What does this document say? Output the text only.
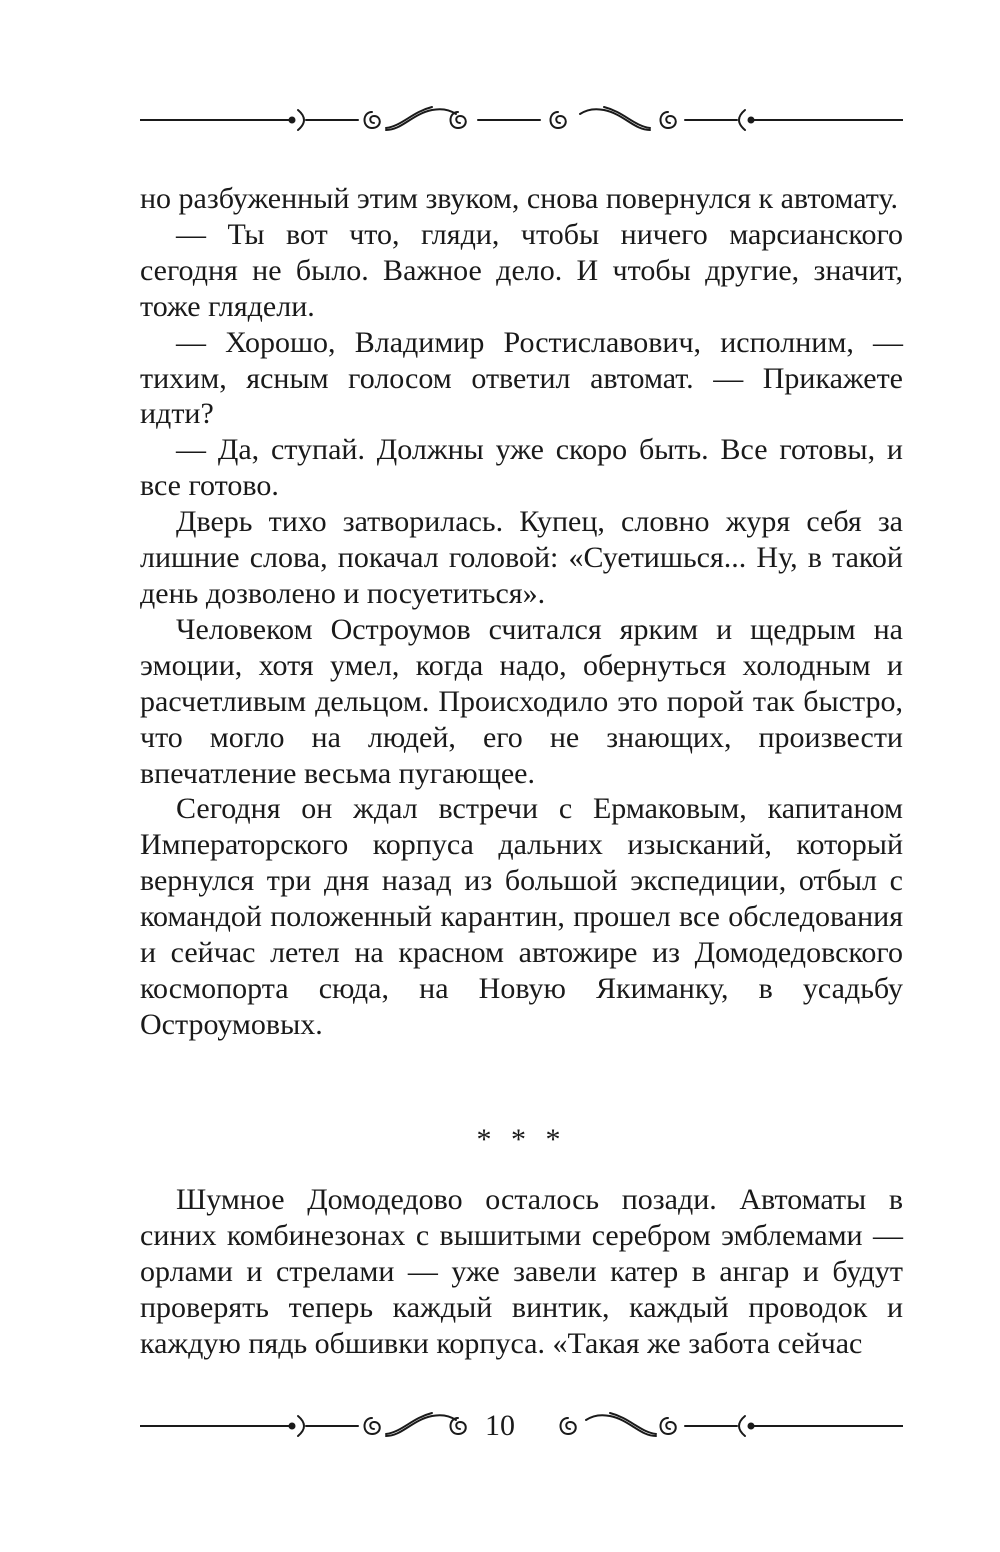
но разбуженный этим звуком, снова повернулся к автомату.

— Ты вот что, гляди, чтобы ничего марсианского сегодня не было. Важное дело. И чтобы другие, значит, тоже глядели.

— Хорошо, Владимир Ростиславович, исполним, — тихим, ясным голосом ответил автомат. — Прикажете идти?

— Да, ступай. Должны уже скоро быть. Все готовы, и все готово.

Дверь тихо затворилась. Купец, словно журя себя за лишние слова, покачал головой: «Суетишься... Ну, в такой день дозволено и посуетиться».

Человеком Остроумов считался ярким и щедрым на эмоции, хотя умел, когда надо, обернуться холодным и расчетливым дельцом. Происходило это порой так быстро, что могло на людей, его не знающих, произвести впечатление весьма пугающее.

Сегодня он ждал встречи с Ермаковым, капитаном Императорского корпуса дальних изысканий, который вернулся три дня назад из большой экспедиции, отбыл с командой положенный карантин, прошел все обследования и сейчас летел на красном автожире из Домодедовского космопорта сюда, на Новую Якиманку, в усадьбу Остроумовых.

* * *

Шумное Домодедово осталось позади. Автоматы в синих комбинезонах с вышитыми серебром эмблемами — орлами и стрелами — уже завели катер в ангар и будут проверять теперь каждый винтик, каждый проводок и каждую пядь обшивки корпуса. «Такая же забота сейчас

10
